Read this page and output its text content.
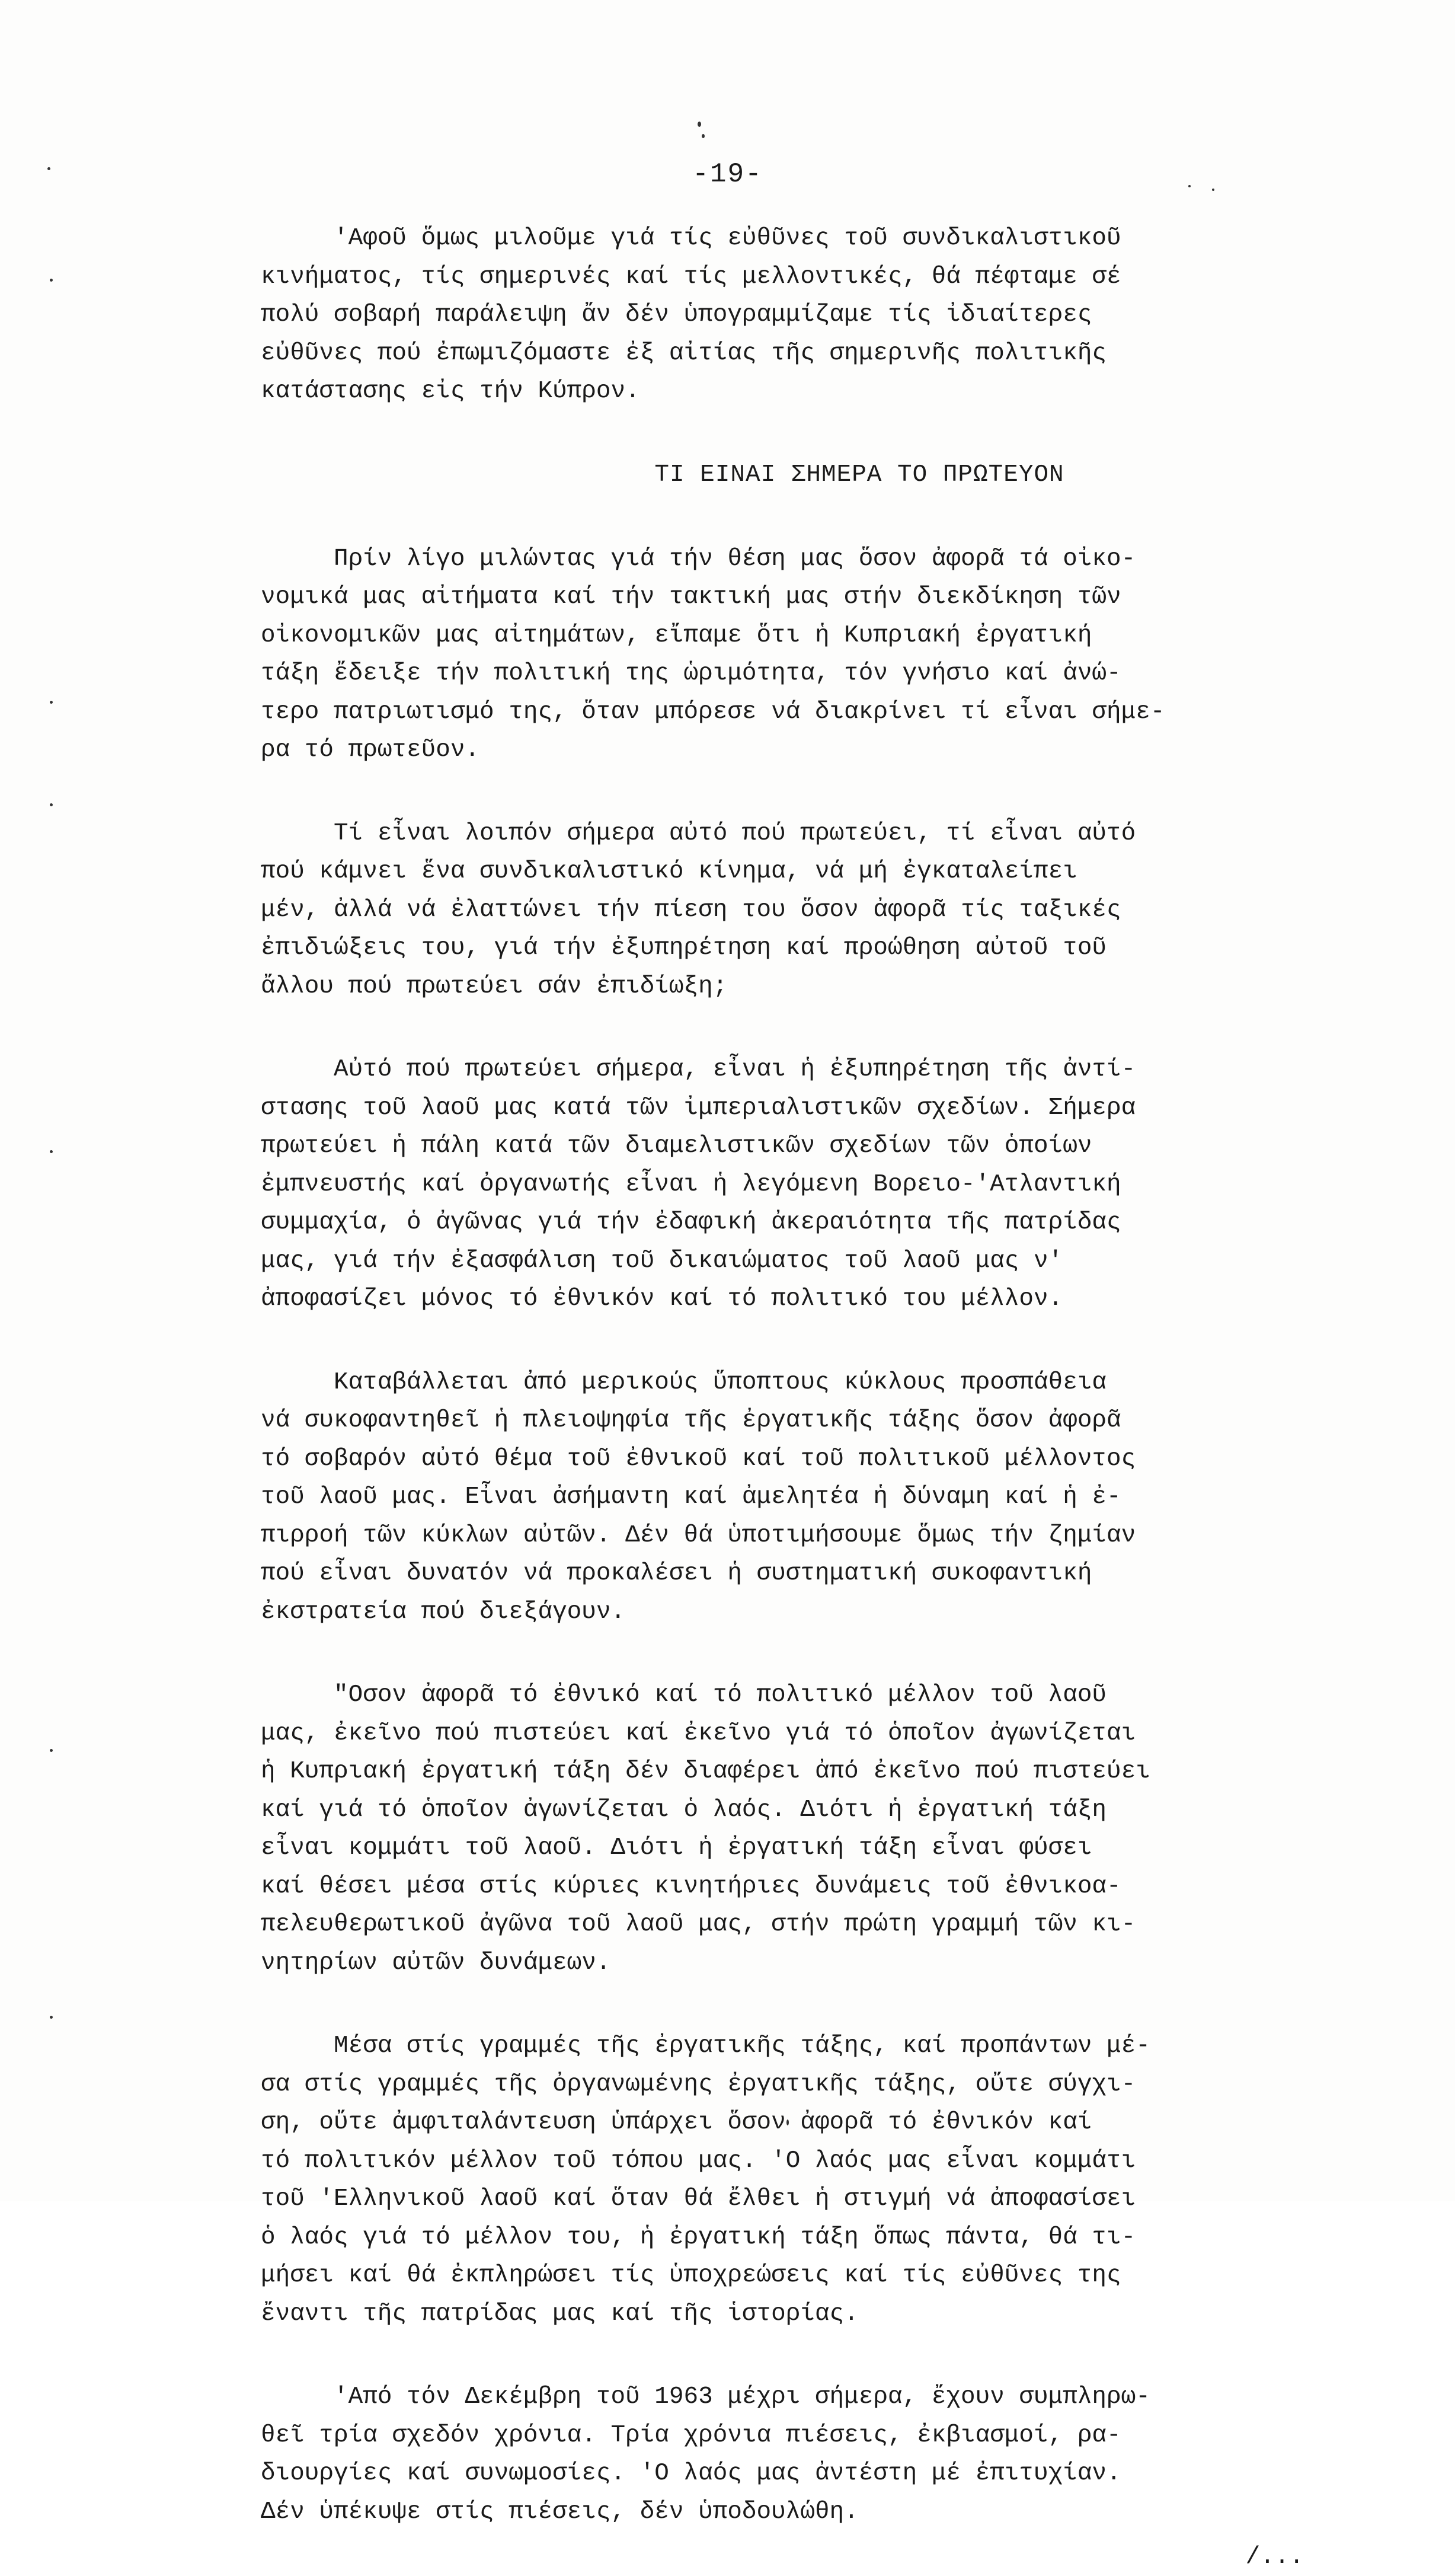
-19-
'Αφοῦ ὅμως μιλοῦμε γιά τίς εὐθῦνες τοῦ συνδικαλιστικοῦ
κινήματος, τίς σημερινές καί τίς μελλοντικές, θά πέφταμε σέ
πολύ σοβαρή παράλειψη ἄν δέν ὑπογραμμίζαμε τίς ἰδιαίτερες
εὐθῦνες πού ἐπωμιζόμαστε ἐξ αἰτίας τῆς σημερινῆς πολιτικῆς
κατάστασης εἰς τήν Κύπρον.
ΤΙ ΕΙΝΑΙ ΣΗΜΕΡΑ ΤΟ ΠΡΩΤΕΥΟΝ
Πρίν λίγο μιλώντας γιά τήν θέση μας ὅσον ἀφορᾶ τά οἰκο-
νομικά μας αἰτήματα καί τήν τακτική μας στήν διεκδίκηση τῶν
οἰκονομικῶν μας αἰτημάτων, εἴπαμε ὅτι ἡ Κυπριακή ἐργατική
τάξη ἔδειξε τήν πολιτική της ὡριμότητα, τόν γνήσιο καί ἀνώ-
τερο πατριωτισμό της, ὅταν μπόρεσε νά διακρίνει τί εἶναι σήμε-
ρα τό πρωτεῦον.
Τί εἶναι λοιπόν σήμερα αὐτό πού πρωτεύει, τί εἶναι αὐτό
πού κάμνει ἕνα συνδικαλιστικό κίνημα, νά μή ἐγκαταλείπει
μέν, ἀλλά νά ἐλαττώνει τήν πίεση του ὅσον ἀφορᾶ τίς ταξικές
ἐπιδιώξεις του, γιά τήν ἐξυπηρέτηση καί προώθηση αὐτοῦ τοῦ
ἄλλου πού πρωτεύει σάν ἐπιδίωξη;
Αὐτό πού πρωτεύει σήμερα, εἶναι ἡ ἐξυπηρέτηση τῆς ἀντί-
στασης τοῦ λαοῦ μας κατά τῶν ἰμπεριαλιστικῶν σχεδίων. Σήμερα
πρωτεύει ἡ πάλη κατά τῶν διαμελιστικῶν σχεδίων τῶν ὁποίων
ἐμπνευστής καί ὀργανωτής εἶναι ἡ λεγόμενη Βορειο-'Ατλαντική
συμμαχία, ὁ ἀγῶνας γιά τήν ἐδαφική ἀκεραιότητα τῆς πατρίδας
μας, γιά τήν ἐξασφάλιση τοῦ δικαιώματος τοῦ λαοῦ μας ν'
ἀποφασίζει μόνος τό ἐθνικόν καί τό πολιτικό του μέλλον.
Καταβάλλεται ἀπό μερικούς ὕποπτους κύκλους προσπάθεια
νά συκοφαντηθεῖ ἡ πλειοψηφία τῆς ἐργατικῆς τάξης ὅσον ἀφορᾶ
τό σοβαρόν αὐτό θέμα τοῦ ἐθνικοῦ καί τοῦ πολιτικοῦ μέλλοντος
τοῦ λαοῦ μας. Εἶναι ἀσήμαντη καί ἀμελητέα ἡ δύναμη καί ἡ ἐ-
πιρροή τῶν κύκλων αὐτῶν. Δέν θά ὑποτιμήσουμε ὅμως τήν ζημίαν
πού εἶναι δυνατόν νά προκαλέσει ἡ συστηματική συκοφαντική
ἐκστρατεία πού διεξάγουν.
"Οσον ἀφορᾶ τό ἐθνικό καί τό πολιτικό μέλλον τοῦ λαοῦ
μας, ἐκεῖνο πού πιστεύει καί ἐκεῖνο γιά τό ὁποῖον ἀγωνίζεται
ἡ Κυπριακή ἐργατική τάξη δέν διαφέρει ἀπό ἐκεῖνο πού πιστεύει
καί γιά τό ὁποῖον ἀγωνίζεται ὁ λαός. Διότι ἡ ἐργατική τάξη
εἶναι κομμάτι τοῦ λαοῦ. Διότι ἡ ἐργατική τάξη εἶναι φύσει
καί θέσει μέσα στίς κύριες κινητήριες δυνάμεις τοῦ ἐθνικοα-
πελευθερωτικοῦ ἀγῶνα τοῦ λαοῦ μας, στήν πρώτη γραμμή τῶν κι-
νητηρίων αὐτῶν δυνάμεων.
Μέσα στίς γραμμές τῆς ἐργατικῆς τάξης, καί προπάντων μέ-
σα στίς γραμμές τῆς ὀργανωμένης ἐργατικῆς τάξης, οὔτε σύγχι-
ση, οὔτε ἀμφιταλάντευση ὑπάρχει ὅσον ἀφορᾶ τό ἐθνικόν καί
τό πολιτικόν μέλλον τοῦ τόπου μας. 'Ο λαός μας εἶναι κομμάτι
τοῦ 'Ελληνικοῦ λαοῦ καί ὅταν θά ἔλθει ἡ στιγμή νά ἀποφασίσει
ὁ λαός γιά τό μέλλον του, ἡ ἐργατική τάξη ὅπως πάντα, θά τι-
μήσει καί θά ἐκπληρώσει τίς ὑποχρεώσεις καί τίς εὐθῦνες της
ἔναντι τῆς πατρίδας μας καί τῆς ἱστορίας.
'Από τόν Δεκέμβρη τοῦ 1963 μέχρι σήμερα, ἔχουν συμπληρω-
θεῖ τρία σχεδόν χρόνια. Τρία χρόνια πιέσεις, ἐκβιασμοί, ρα-
διουργίες καί συνωμοσίες. 'Ο λαός μας ἀντέστη μέ ἐπιτυχίαν.
Δέν ὑπέκυψε στίς πιέσεις, δέν ὑποδουλώθη.
/...
